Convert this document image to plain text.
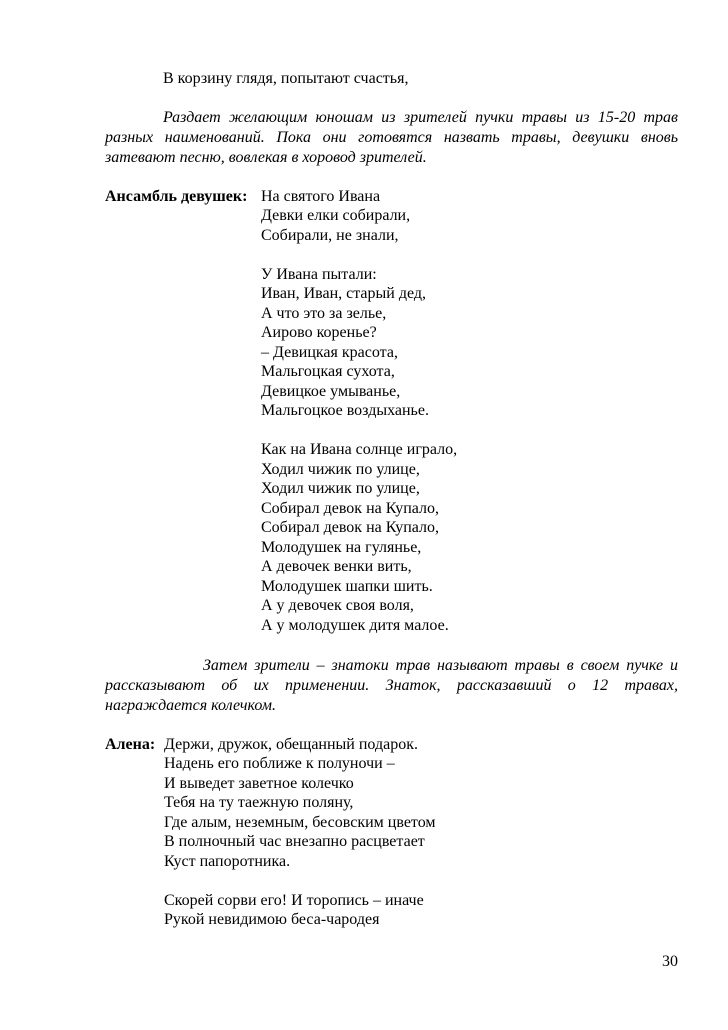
В корзину глядя, попытают счастья,
Раздает желающим юношам из зрителей пучки травы из 15-20 трав
разных наименований. Пока они готовятся назвать травы, девушки вновь
затевают песню, вовлекая в хоровод зрителей.
Ансамбль девушек: На святого Ивана
Девки елки собирали,
Собирали, не знали,
У Ивана пытали:
Иван, Иван, старый дед,
А что это за зелье,
Аирово коренье?
– Девицкая красота,
Мальгоцкая сухота,
Девицкое умыванье,
Мальгоцкое воздыханье.
Как на Ивана солнце играло,
Ходил чижик по улице,
Ходил чижик по улице,
Собирал девок на Купало,
Собирал девок на Купало,
Молодушек на гулянье,
А девочек венки вить,
Молодушек шапки шить.
А у девочек своя воля,
А у молодушек дитя малое.
Затем зрители – знатоки трав называют травы в своем пучке и
рассказывают об их применении. Знаток, рассказавший о 12 травах,
награждается колечком.
Алена: Держи, дружок, обещанный подарок.
Надень его поближе к полуночи –
И выведет заветное колечко
Тебя на ту таежную поляну,
Где алым, неземным, бесовским цветом
В полночный час внезапно расцветает
Куст папоротника.
Скорей сорви его! И торопись – иначе
Рукой невидимою беса-чародея
30
